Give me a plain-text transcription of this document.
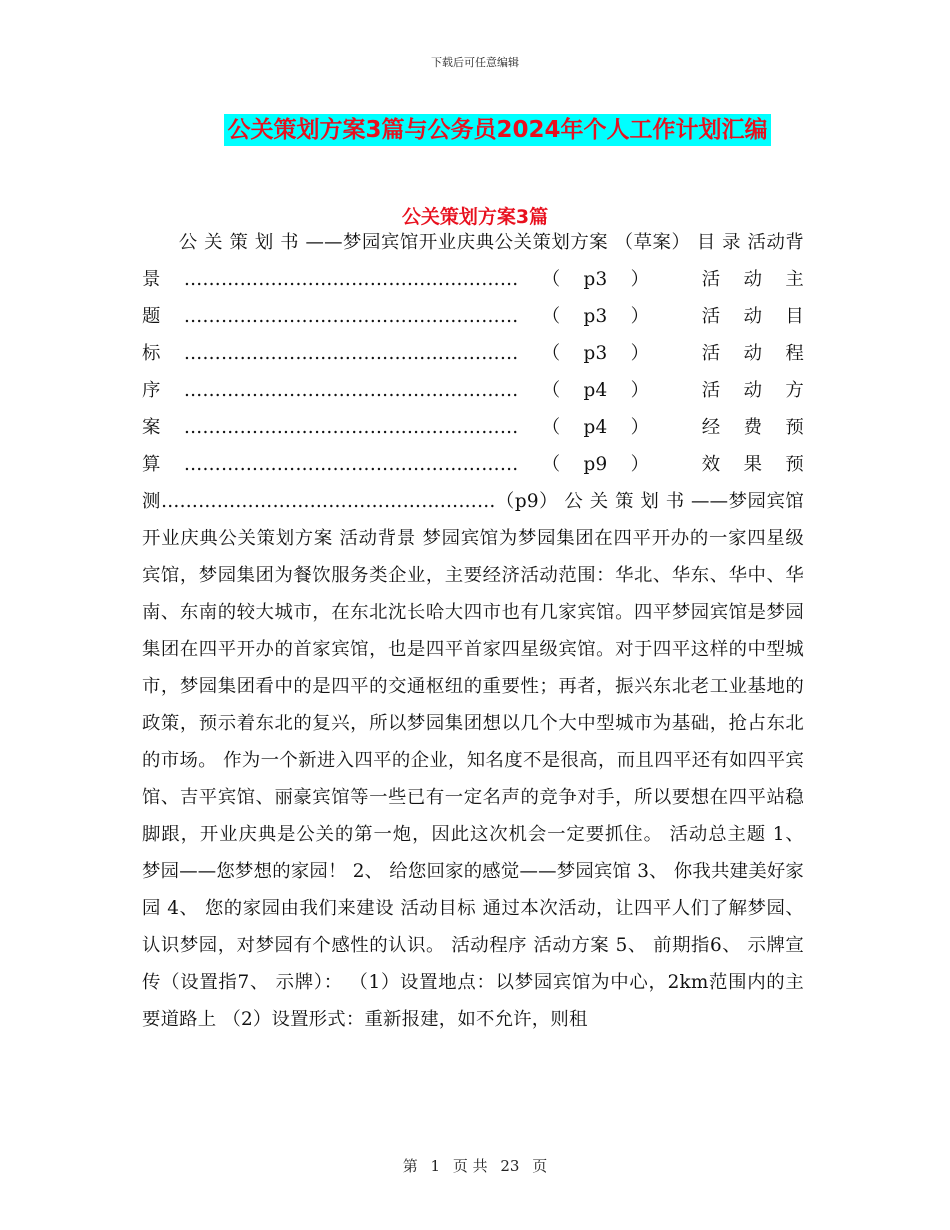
下载后可任意编辑
公关策划方案3篇与公务员2024年个人工作计划汇编
公关策划方案3篇

公 关 策 划 书 ——梦园宾馆开业庆典公关策划方案 （草案） 目 录 活动背景………………………………………………（p3） 活动主题………………………………………………（p3） 活动目标………………………………………………（p3） 活动程序………………………………………………（p4） 活动方案………………………………………………（p4） 经费预算………………………………………………（p9） 效果预测………………………………………………（p9） 公 关 策 划 书 ——梦园宾馆开业庆典公关策划方案 活动背景 梦园宾馆为梦园集团在四平开办的一家四星级宾馆，梦园集团为餐饮服务类企业，主要经济活动范围：华北、华东、华中、华南、东南的较大城市，在东北沈长哈大四市也有几家宾馆。四平梦园宾馆是梦园集团在四平开办的首家宾馆，也是四平首家四星级宾馆。对于四平这样的中型城市，梦园集团看中的是四平的交通枢纽的重要性；再者，振兴东北老工业基地的政策，预示着东北的复兴，所以梦园集团想以几个大中型城市为基础，抢占东北的市场。 作为一个新进入四平的企业，知名度不是很高，而且四平还有如四平宾馆、吉平宾馆、丽豪宾馆等一些已有一定名声的竞争对手，所以要想在四平站稳脚跟，开业庆典是公关的第一炮，因此这次机会一定要抓住。 活动总主题 1、 梦园——您梦想的家园！ 2、 给您回家的感觉——梦园宾馆 3、 你我共建美好家园 4、 您的家园由我们来建设 活动目标 通过本次活动，让四平人们了解梦园、认识梦园，对梦园有个感性的认识。 活动程序 活动方案 5、 前期指6、 示牌宣传（设置指7、 示牌）： （1）设置地点：以梦园宾馆为中心，2km范围内的主要道路上 （2）设置形式：重新报建，如不允许，则租

第 1 页 共 23 页
